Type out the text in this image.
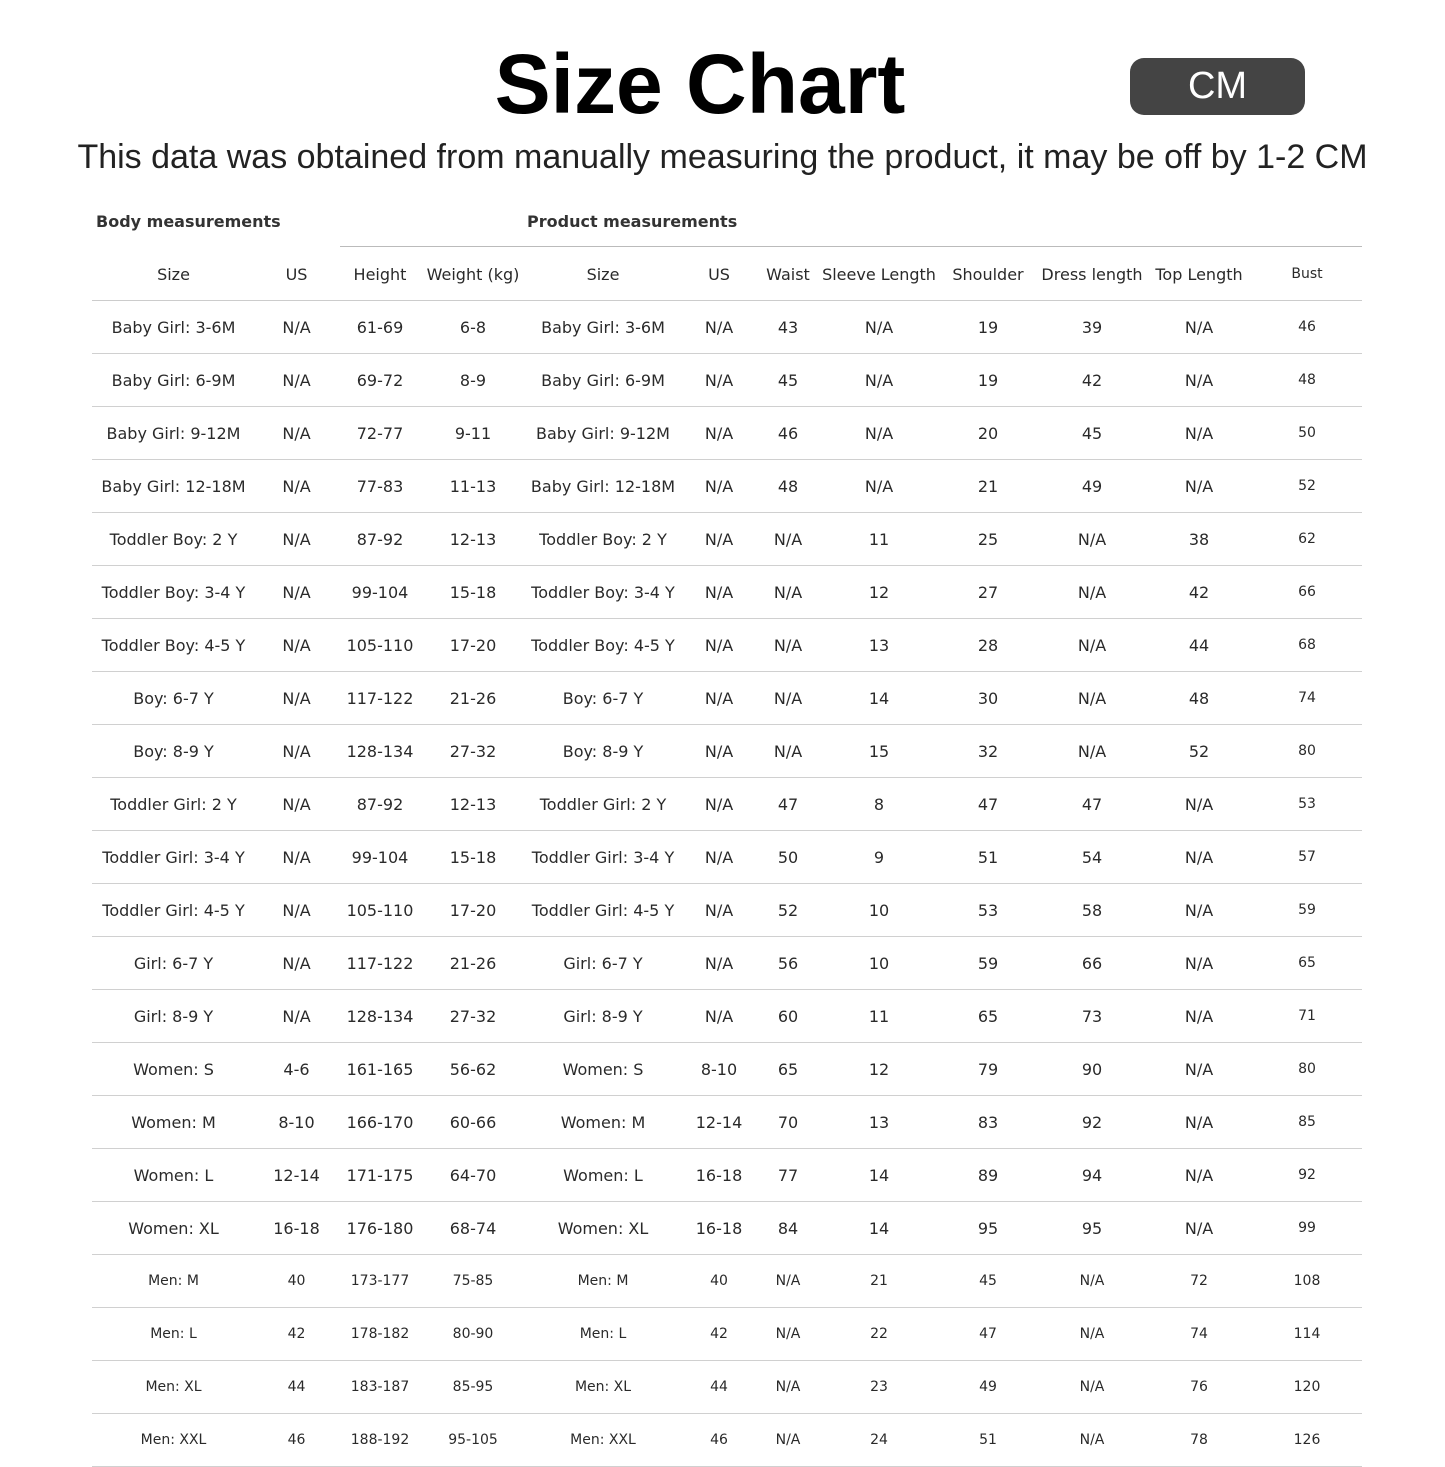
Size Chart	CM
This data was obtained from manually measuring the product, it may be off by 1-2 CM
Body measurements	Product measurements
Size	US	Height	Weight (kg)	Size	US	Waist	Sleeve Length	Shoulder	Dress length	Top Length	Bust
Baby Girl: 3-6M	N/A	61-69	6-8	Baby Girl: 3-6M	N/A	43	N/A	19	39	N/A	46
Baby Girl: 6-9M	N/A	69-72	8-9	Baby Girl: 6-9M	N/A	45	N/A	19	42	N/A	48
Baby Girl: 9-12M	N/A	72-77	9-11	Baby Girl: 9-12M	N/A	46	N/A	20	45	N/A	50
Baby Girl: 12-18M	N/A	77-83	11-13	Baby Girl: 12-18M	N/A	48	N/A	21	49	N/A	52
Toddler Boy: 2 Y	N/A	87-92	12-13	Toddler Boy: 2 Y	N/A	N/A	11	25	N/A	38	62
Toddler Boy: 3-4 Y	N/A	99-104	15-18	Toddler Boy: 3-4 Y	N/A	N/A	12	27	N/A	42	66
Toddler Boy: 4-5 Y	N/A	105-110	17-20	Toddler Boy: 4-5 Y	N/A	N/A	13	28	N/A	44	68
Boy: 6-7 Y	N/A	117-122	21-26	Boy: 6-7 Y	N/A	N/A	14	30	N/A	48	74
Boy: 8-9 Y	N/A	128-134	27-32	Boy: 8-9 Y	N/A	N/A	15	32	N/A	52	80
Toddler Girl: 2 Y	N/A	87-92	12-13	Toddler Girl: 2 Y	N/A	47	8	47	47	N/A	53
Toddler Girl: 3-4 Y	N/A	99-104	15-18	Toddler Girl: 3-4 Y	N/A	50	9	51	54	N/A	57
Toddler Girl: 4-5 Y	N/A	105-110	17-20	Toddler Girl: 4-5 Y	N/A	52	10	53	58	N/A	59
Girl: 6-7 Y	N/A	117-122	21-26	Girl: 6-7 Y	N/A	56	10	59	66	N/A	65
Girl: 8-9 Y	N/A	128-134	27-32	Girl: 8-9 Y	N/A	60	11	65	73	N/A	71
Women: S	4-6	161-165	56-62	Women: S	8-10	65	12	79	90	N/A	80
Women: M	8-10	166-170	60-66	Women: M	12-14	70	13	83	92	N/A	85
Women: L	12-14	171-175	64-70	Women: L	16-18	77	14	89	94	N/A	92
Women: XL	16-18	176-180	68-74	Women: XL	16-18	84	14	95	95	N/A	99
Men: M	40	173-177	75-85	Men: M	40	N/A	21	45	N/A	72	108
Men: L	42	178-182	80-90	Men: L	42	N/A	22	47	N/A	74	114
Men: XL	44	183-187	85-95	Men: XL	44	N/A	23	49	N/A	76	120
Men: XXL	46	188-192	95-105	Men: XXL	46	N/A	24	51	N/A	78	126
